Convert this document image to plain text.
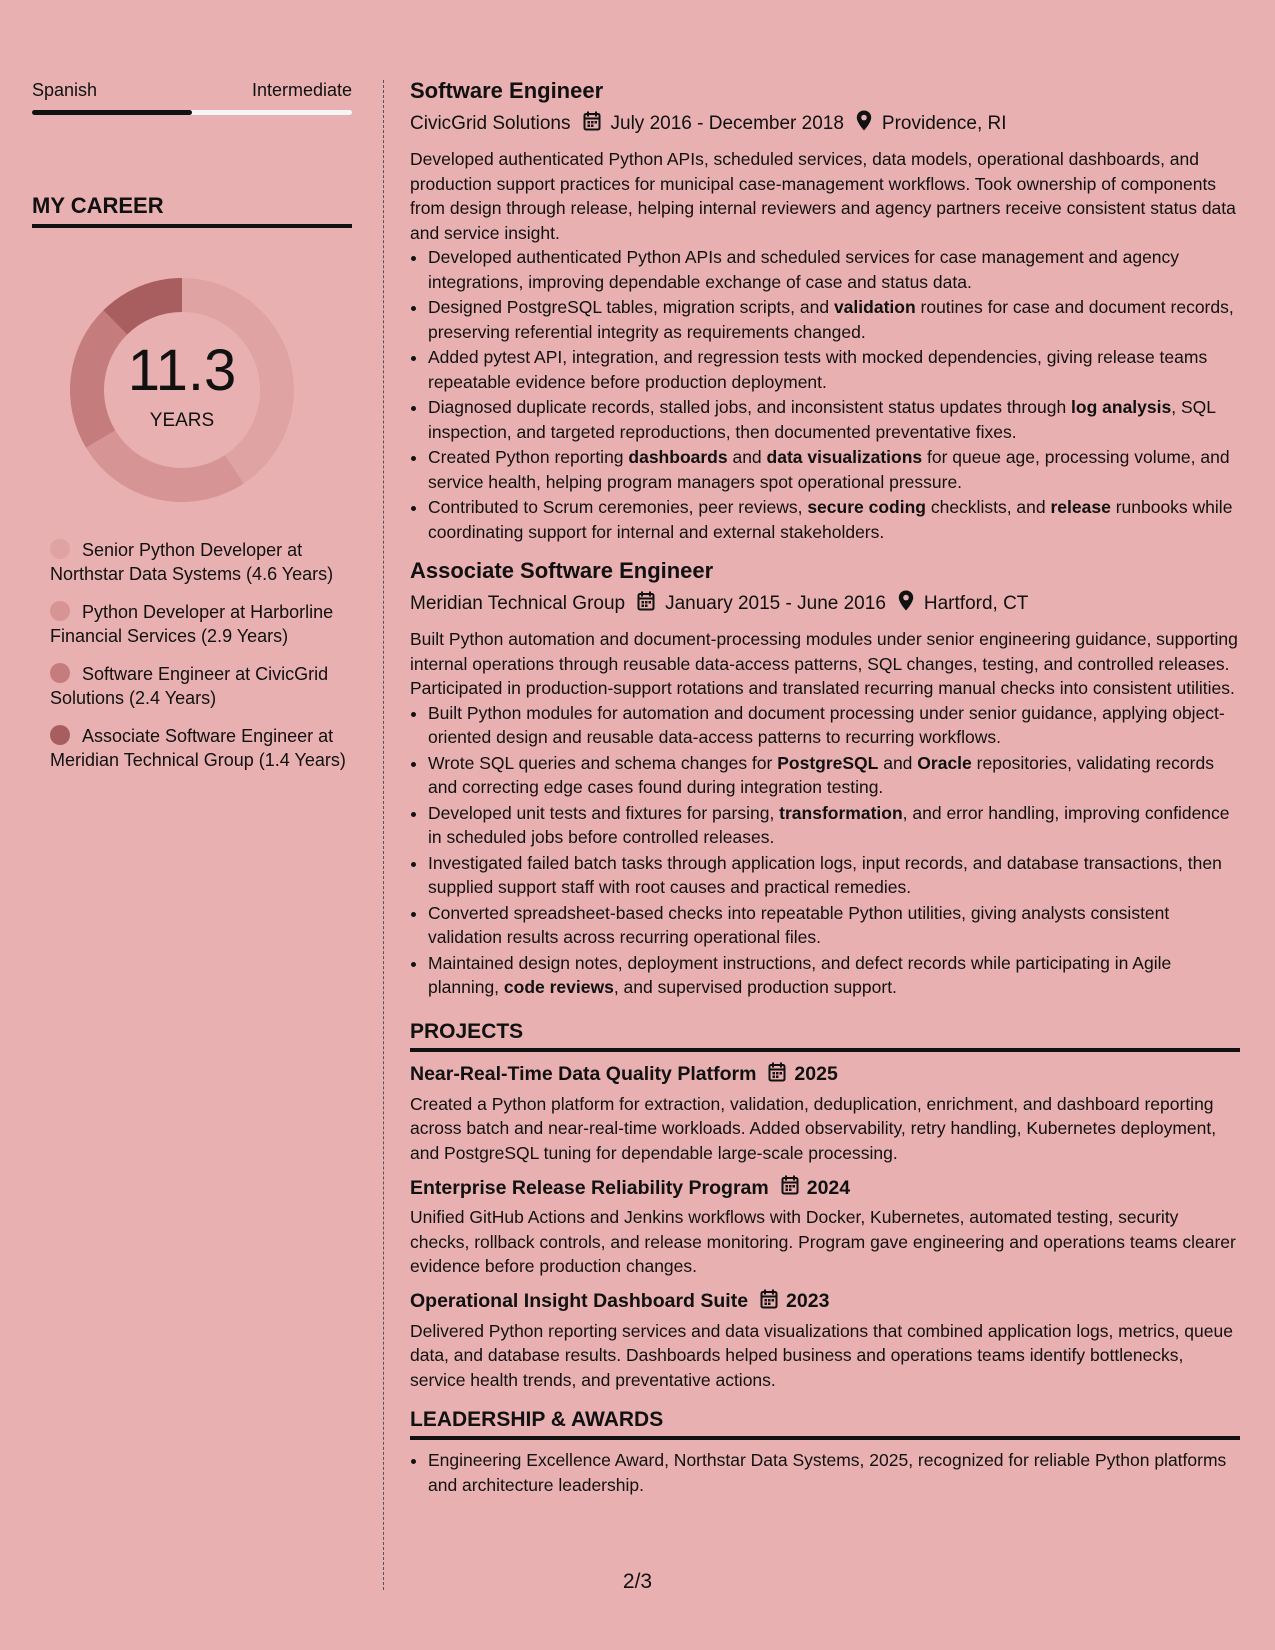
Spanish	Intermediate
MY CAREER
11.3
YEARS
Senior Python Developer at Northstar Data Systems (4.6 Years)
Python Developer at Harborline Financial Services (2.9 Years)
Software Engineer at CivicGrid Solutions (2.4 Years)
Associate Software Engineer at Meridian Technical Group (1.4 Years)
Software Engineer
CivicGrid Solutions July 2016 - December 2018 Providence, RI
Developed authenticated Python APIs, scheduled services, data models, operational dashboards, and production support practices for municipal case-management workflows. Took ownership of components from design through release, helping internal reviewers and agency partners receive consistent status data and service insight.
• Developed authenticated Python APIs and scheduled services for case management and agency integrations, improving dependable exchange of case and status data.
• Designed PostgreSQL tables, migration scripts, and validation routines for case and document records, preserving referential integrity as requirements changed.
• Added pytest API, integration, and regression tests with mocked dependencies, giving release teams repeatable evidence before production deployment.
• Diagnosed duplicate records, stalled jobs, and inconsistent status updates through log analysis, SQL inspection, and targeted reproductions, then documented preventative fixes.
• Created Python reporting dashboards and data visualizations for queue age, processing volume, and service health, helping program managers spot operational pressure.
• Contributed to Scrum ceremonies, peer reviews, secure coding checklists, and release runbooks while coordinating support for internal and external stakeholders.
Associate Software Engineer
Meridian Technical Group January 2015 - June 2016 Hartford, CT
Built Python automation and document-processing modules under senior engineering guidance, supporting internal operations through reusable data-access patterns, SQL changes, testing, and controlled releases. Participated in production-support rotations and translated recurring manual checks into consistent utilities.
• Built Python modules for automation and document processing under senior guidance, applying object-oriented design and reusable data-access patterns to recurring workflows.
• Wrote SQL queries and schema changes for PostgreSQL and Oracle repositories, validating records and correcting edge cases found during integration testing.
• Developed unit tests and fixtures for parsing, transformation, and error handling, improving confidence in scheduled jobs before controlled releases.
• Investigated failed batch tasks through application logs, input records, and database transactions, then supplied support staff with root causes and practical remedies.
• Converted spreadsheet-based checks into repeatable Python utilities, giving analysts consistent validation results across recurring operational files.
• Maintained design notes, deployment instructions, and defect records while participating in Agile planning, code reviews, and supervised production support.
PROJECTS
Near-Real-Time Data Quality Platform 2025
Created a Python platform for extraction, validation, deduplication, enrichment, and dashboard reporting across batch and near-real-time workloads. Added observability, retry handling, Kubernetes deployment, and PostgreSQL tuning for dependable large-scale processing.
Enterprise Release Reliability Program 2024
Unified GitHub Actions and Jenkins workflows with Docker, Kubernetes, automated testing, security checks, rollback controls, and release monitoring. Program gave engineering and operations teams clearer evidence before production changes.
Operational Insight Dashboard Suite 2023
Delivered Python reporting services and data visualizations that combined application logs, metrics, queue data, and database results. Dashboards helped business and operations teams identify bottlenecks, service health trends, and preventative actions.
LEADERSHIP & AWARDS
• Engineering Excellence Award, Northstar Data Systems, 2025, recognized for reliable Python platforms and architecture leadership.
2/3
